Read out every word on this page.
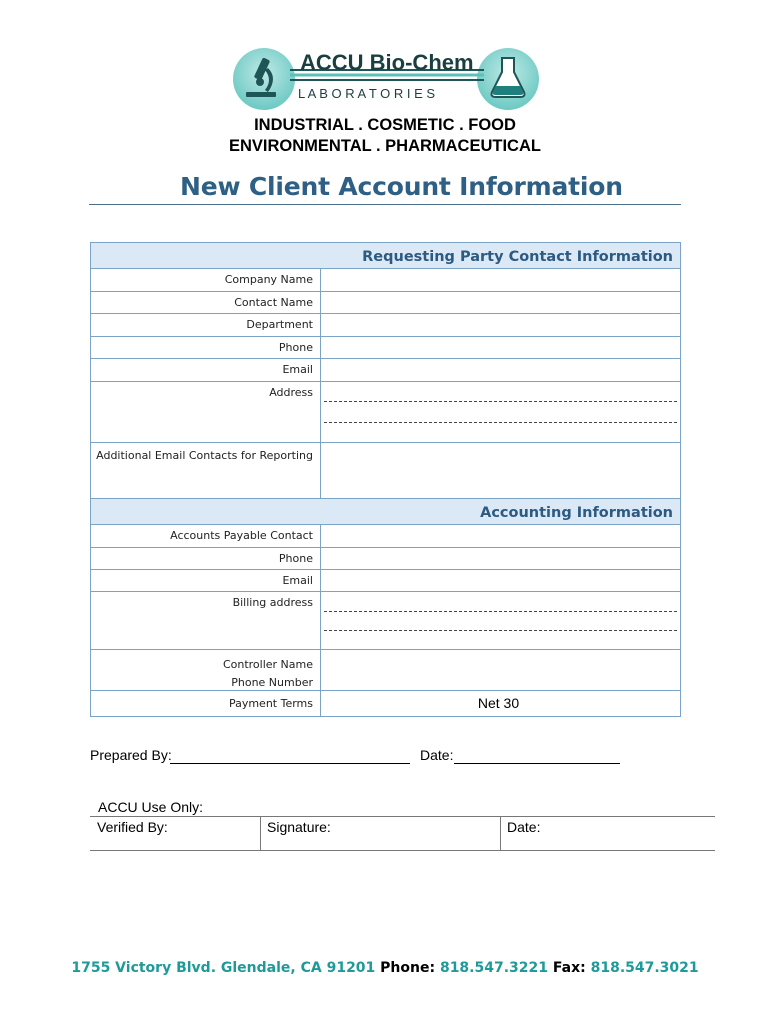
ACCU Bio-Chem
L A B O R A T O R I E S
INDUSTRIAL . COSMETIC . FOOD
ENVIRONMENTAL . PHARMACEUTICAL
New Client Account Information
Requesting Party Contact Information
Company Name
Contact Name
Department
Phone
Email
Address
Additional Email Contacts for Reporting
Accounting Information
Accounts Payable Contact
Phone
Email
Billing address
Controller Name
Phone Number
Payment Terms	Net 30
Prepared By:	Date:
ACCU Use Only:
Verified By:	Signature:	Date:
1755 Victory Blvd. Glendale, CA 91201 Phone: 818.547.3221 Fax: 818.547.3021
